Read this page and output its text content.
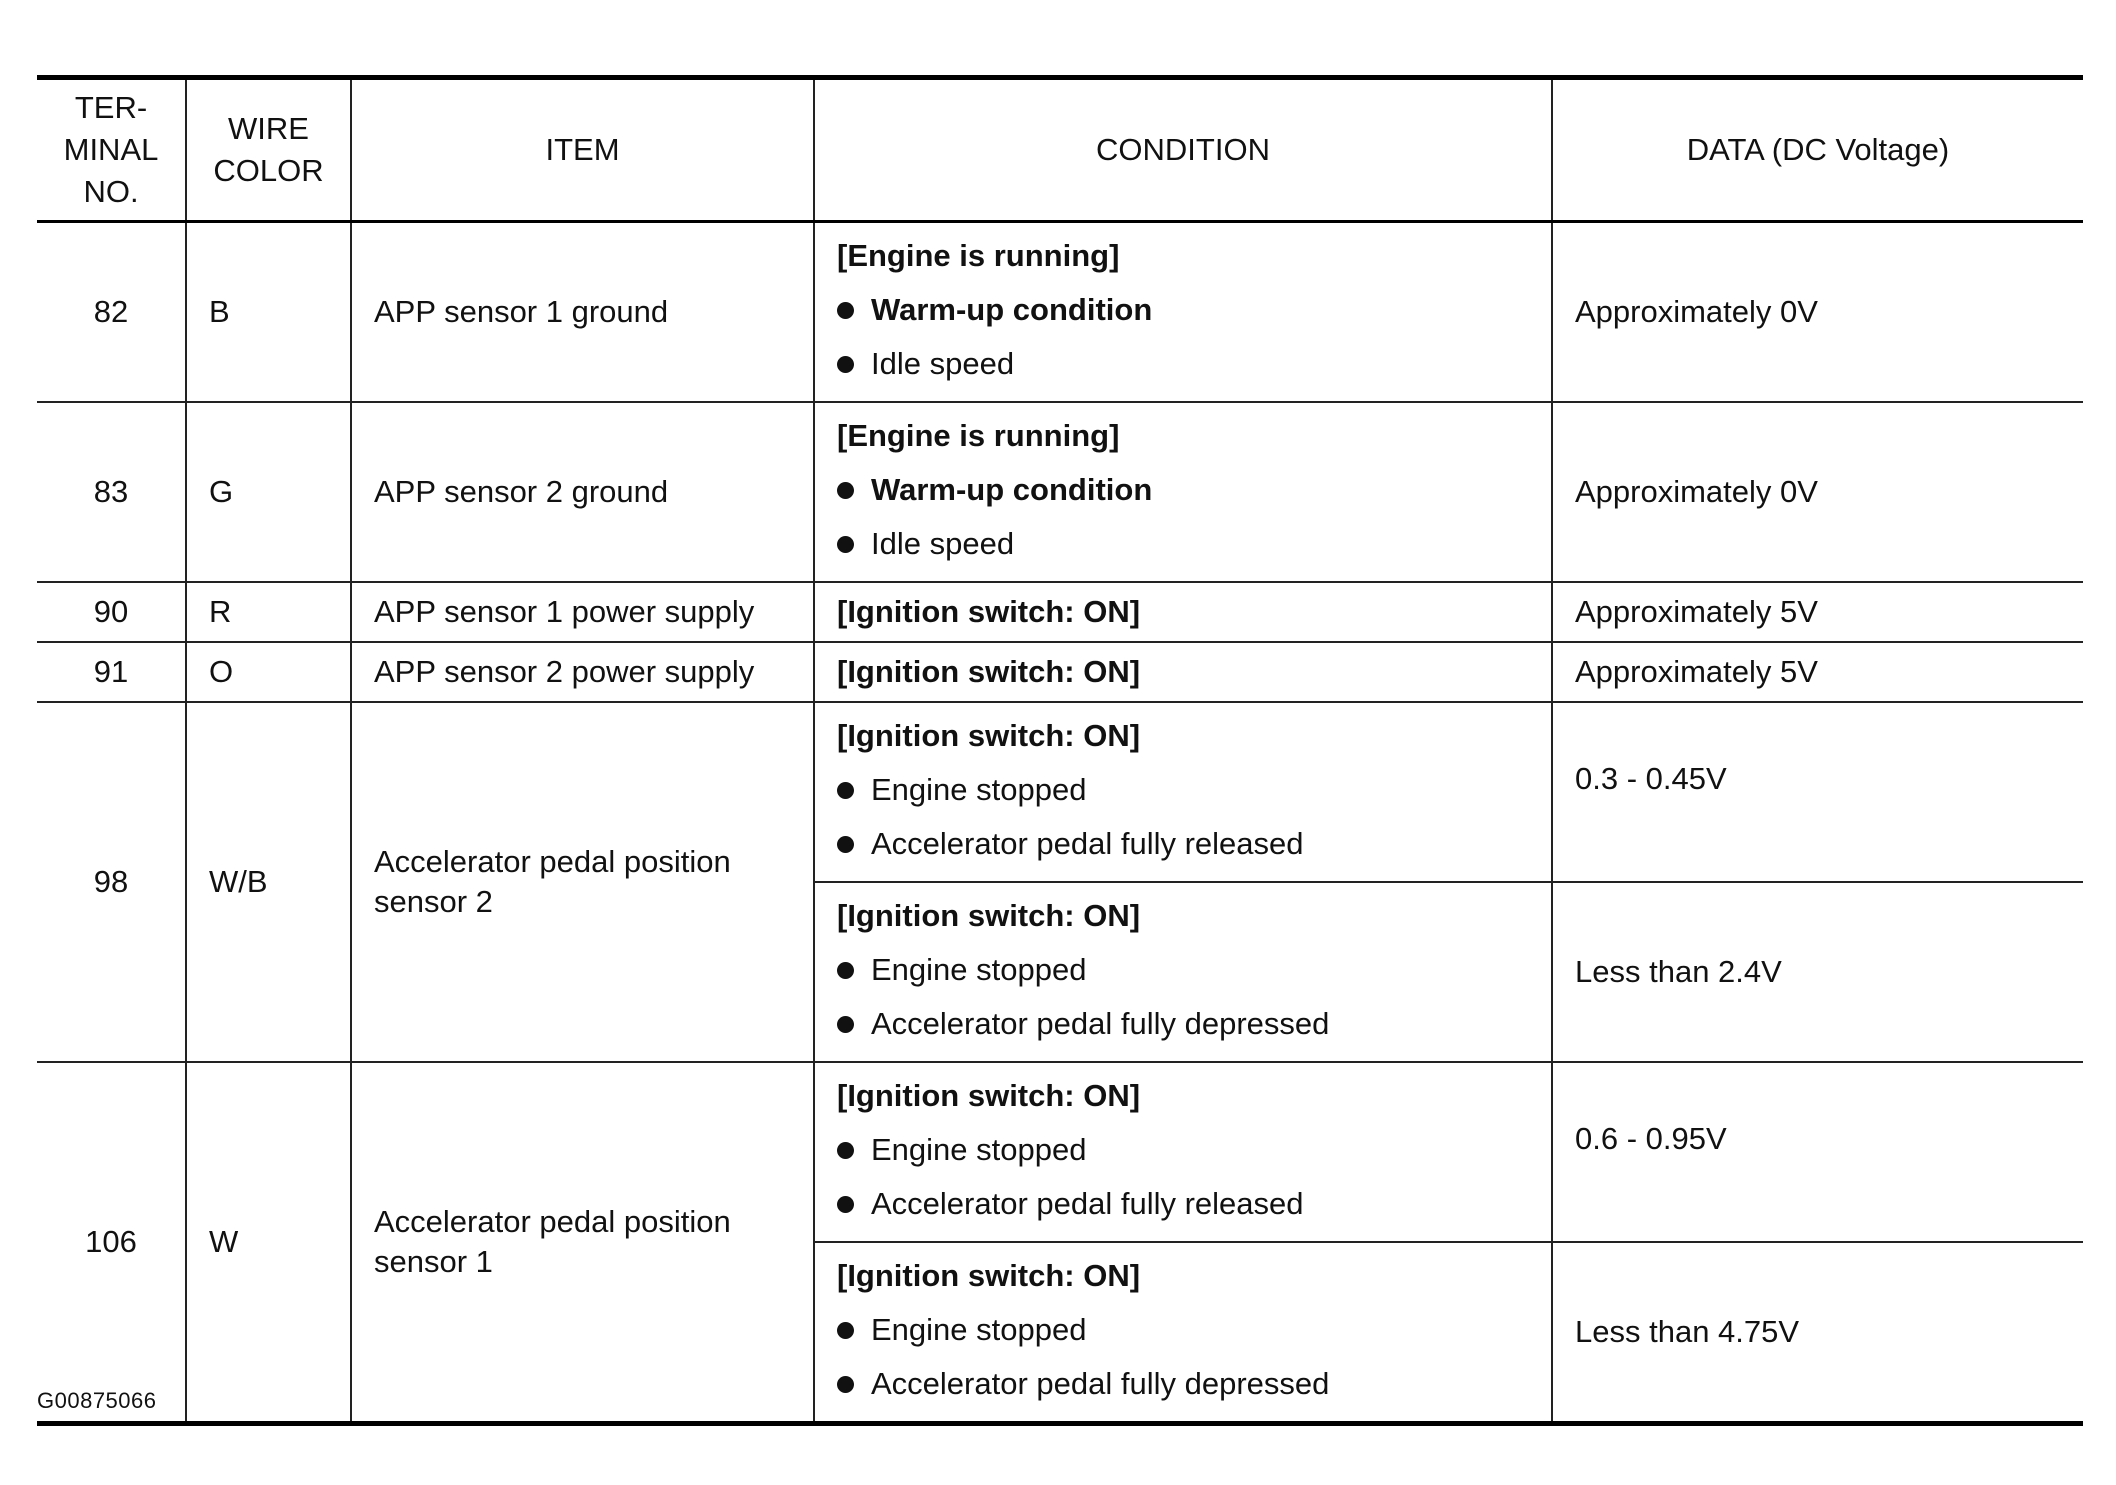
TER-
MINAL
NO.	WIRE
COLOR	ITEM	CONDITION	DATA (DC Voltage)
82	B	APP sensor 1 ground	[Engine is running]
Warm-up condition
Idle speed	Approximately 0V
83	G	APP sensor 2 ground	[Engine is running]
Warm-up condition
Idle speed	Approximately 0V
90	R	APP sensor 1 power supply	[Ignition switch: ON]	Approximately 5V
91	O	APP sensor 2 power supply	[Ignition switch: ON]	Approximately 5V
98	W/B	Accelerator pedal position sensor 2	[Ignition switch: ON]
Engine stopped
Accelerator pedal fully released	0.3 - 0.45V

			[Ignition switch: ON]
Engine stopped
Accelerator pedal fully depressed	Less than 2.4V
106	W	Accelerator pedal position sensor 1	[Ignition switch: ON]
Engine stopped
Accelerator pedal fully released	0.6 - 0.95V

			[Ignition switch: ON]
Engine stopped
Accelerator pedal fully depressed	Less than 4.75V
G00875066
